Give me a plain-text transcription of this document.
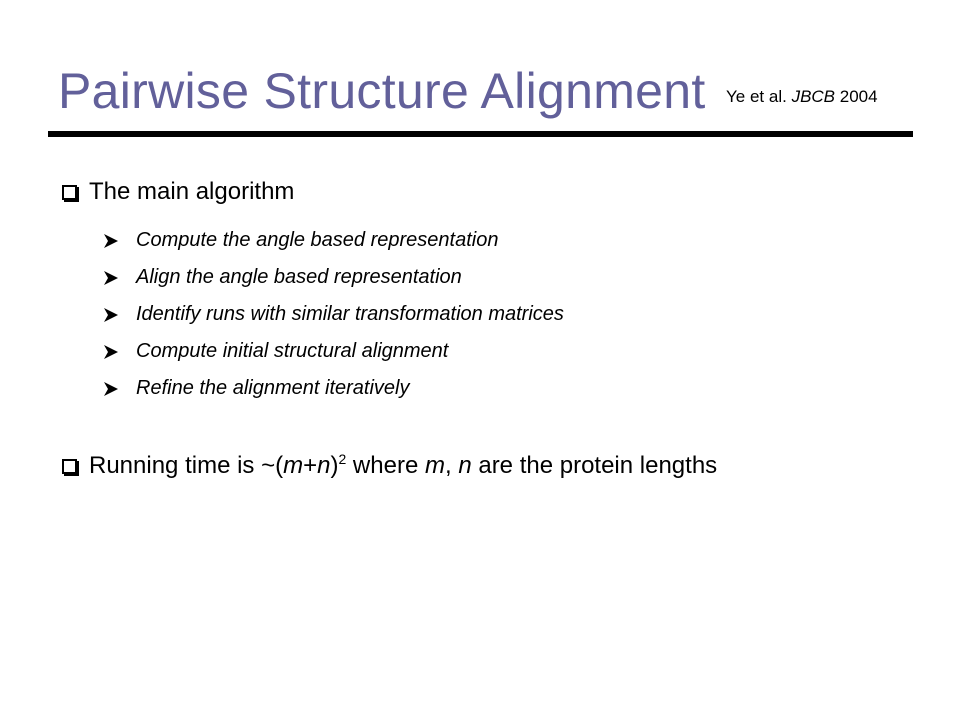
Pairwise Structure Alignment Ye et al. JBCB 2004
The main algorithm
Compute the angle based representation
Align the angle based representation
Identify runs with similar transformation matrices
Compute initial structural alignment
Refine the alignment iteratively
Running time is $\sim(m+n)^2$ where m, n are the protein lengths
